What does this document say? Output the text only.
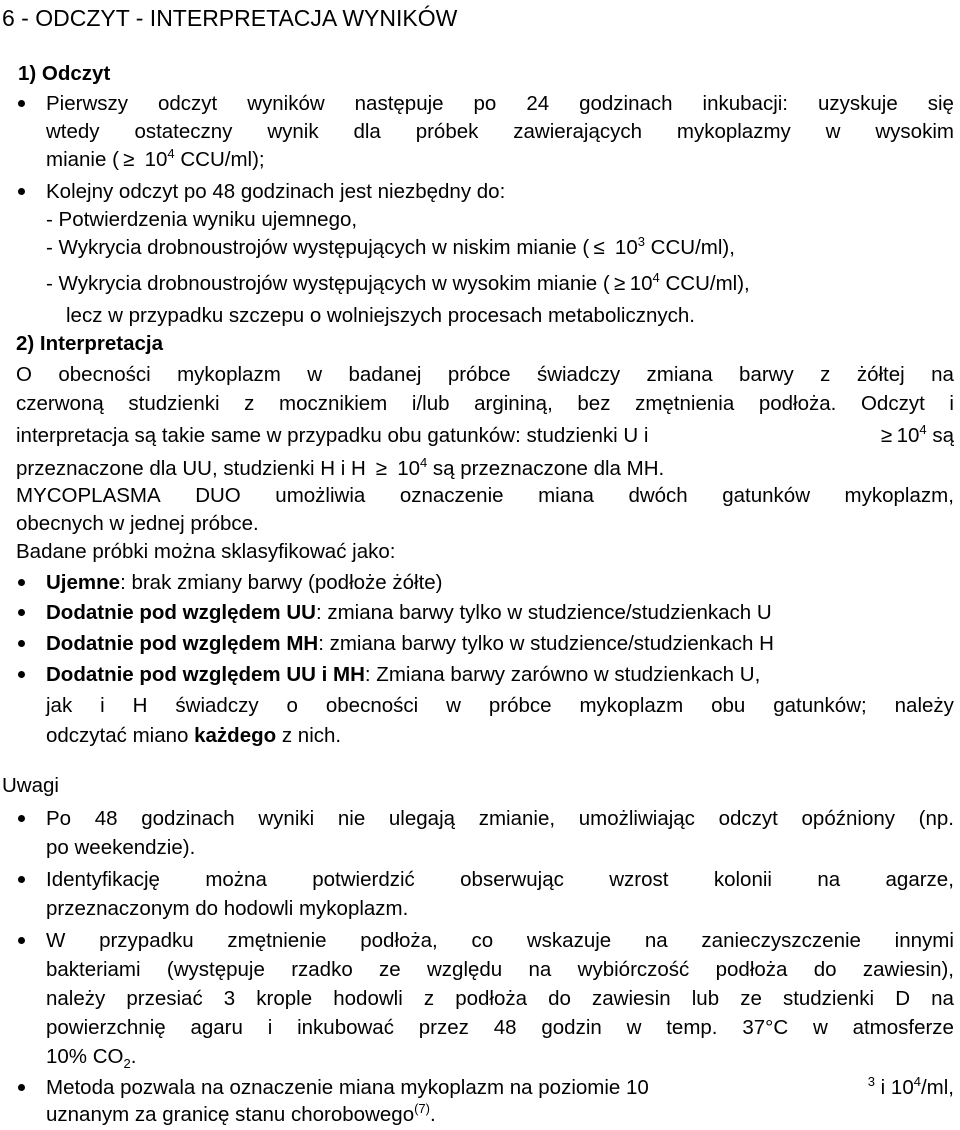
6 - ODCZYT - INTERPRETACJA WYNIKÓW
1) Odczyt
Pierwszy odczyt wyników następuje po 24 godzinach inkubacji: uzyskuje się
wtedy ostateczny wynik dla próbek zawierających mykoplazmy w wysokim
mianie ( ≥ $10^4$ CCU/ml);
Kolejny odczyt po 48 godzinach jest niezbędny do:
- Potwierdzenia wyniku ujemnego,
- Wykrycia drobnoustrojów występujących w niskim mianie ( ≤ $10^3$ CCU/ml),
- Wykrycia drobnoustrojów występujących w wysokim mianie ( ≥ $10^4$ CCU/ml),
lecz w przypadku szczepu o wolniejszych procesach metabolicznych.
2) Interpretacja
O obecności mykoplazm w badanej próbce świadczy zmiana barwy z żółtej na
czerwoną studzienki z mocznikiem i/lub argininą, bez zmętnienia podłoża. Odczyt i
interpretacja są takie same w przypadku obu gatunków: studzienki U i	≥ $10^4$ są
przeznaczone dla UU, studzienki H i $H \ge 10^4$ są przeznaczone dla MH.
MYCOPLASMA DUO umożliwia oznaczenie miana dwóch gatunków mykoplazm,
obecnych w jednej próbce.
Badane próbki można sklasyfikować jako:
Ujemne: brak zmiany barwy (podłoże żółte)
Dodatnie pod względem UU: zmiana barwy tylko w studzience/studzienkach U
Dodatnie pod względem MH: zmiana barwy tylko w studzience/studzienkach H
Dodatnie pod względem UU i MH: Zmiana barwy zarówno w studzienkach U,
jak i H świadczy o obecności w próbce mykoplazm obu gatunków; należy
odczytać miano każdego z nich.
Uwagi
Po 48 godzinach wyniki nie ulegają zmianie, umożliwiając odczyt opóźniony (np.
po weekendzie).
Identyfikację można potwierdzić obserwując wzrost kolonii na agarze,
przeznaczonym do hodowli mykoplazm.
W przypadku zmętnienie podłoża, co wskazuje na zanieczyszczenie innymi
bakteriami (występuje rzadko ze względu na wybiórczość podłoża do zawiesin),
należy przesiać 3 krople hodowli z podłoża do zawiesin lub ze studzienki D na
powierzchnię agaru i inkubować przez 48 godzin w temp. 37°C w atmosferze
10% $CO_2$.
Metoda pozwala na oznaczenie miana mykoplazm na poziomie 10	$^3$ i $10^4/ml$,
uznanym za granicę stanu chorobowego$^{(7)}$.
